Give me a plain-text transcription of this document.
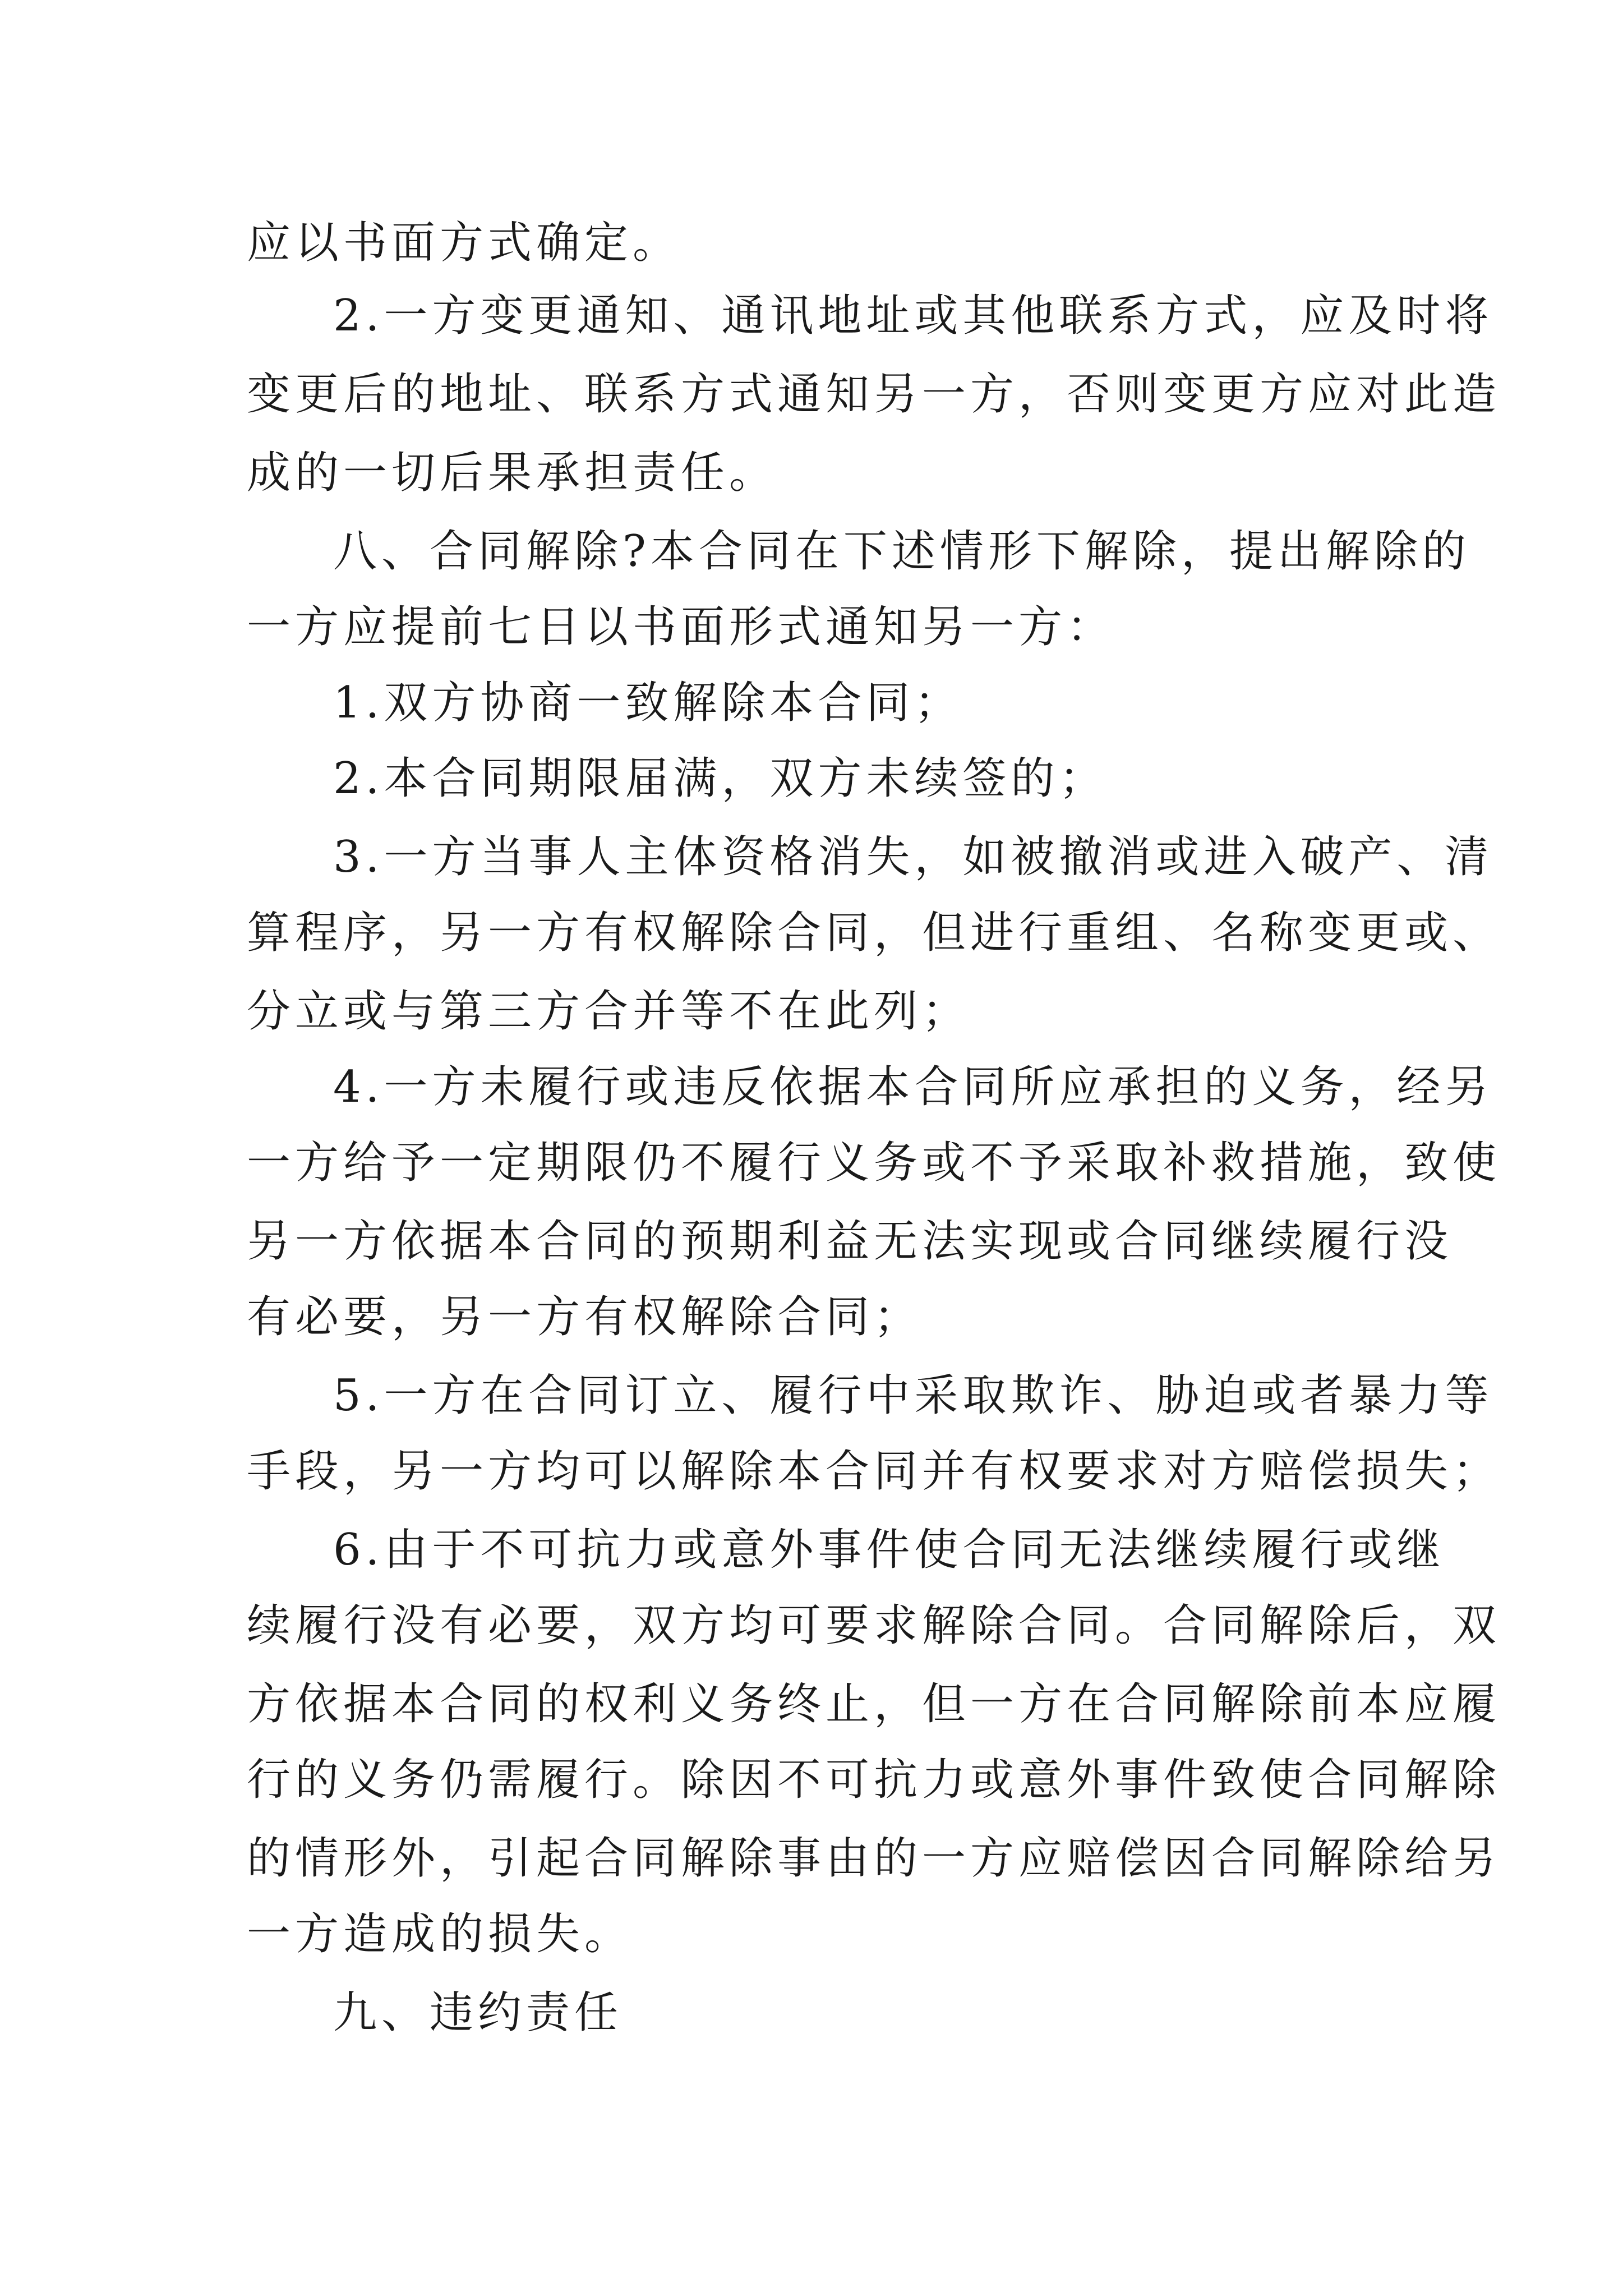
应以书面方式确定。
2.一方变更通知、通讯地址或其他联系方式，应及时将
变更后的地址、联系方式通知另一方，否则变更方应对此造
成的一切后果承担责任。
八、合同解除?本合同在下述情形下解除，提出解除的
一方应提前七日以书面形式通知另一方：
1.双方协商一致解除本合同；
2.本合同期限届满，双方未续签的；
3.一方当事人主体资格消失，如被撤消或进入破产、清
算程序，另一方有权解除合同，但进行重组、名称变更或、
分立或与第三方合并等不在此列；
4.一方未履行或违反依据本合同所应承担的义务，经另
一方给予一定期限仍不履行义务或不予采取补救措施，致使
另一方依据本合同的预期利益无法实现或合同继续履行没
有必要，另一方有权解除合同；
5.一方在合同订立、履行中采取欺诈、胁迫或者暴力等
手段，另一方均可以解除本合同并有权要求对方赔偿损失；
6.由于不可抗力或意外事件使合同无法继续履行或继
续履行没有必要，双方均可要求解除合同。合同解除后，双
方依据本合同的权利义务终止，但一方在合同解除前本应履
行的义务仍需履行。除因不可抗力或意外事件致使合同解除
的情形外，引起合同解除事由的一方应赔偿因合同解除给另
一方造成的损失。
九、违约责任
